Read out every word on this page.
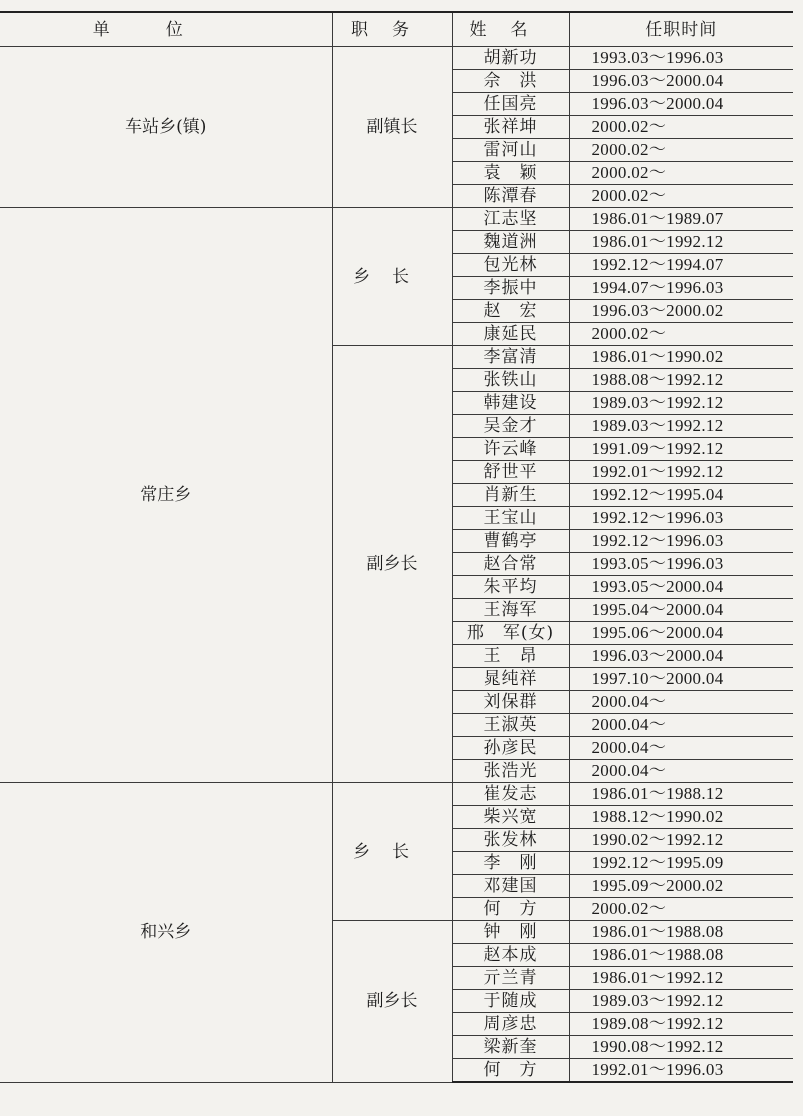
单位	职务	姓名	任职时间
车站乡(镇)	副镇长	胡新功	1993.03～1996.03
		佘　洪	1996.03～2000.04
		任国亮	1996.03～2000.04
		张祥坤	2000.02～
		雷河山	2000.02～
		袁　颖	2000.02～
		陈潭春	2000.02～
常庄乡	乡长	江志坚	1986.01～1989.07
		魏道洲	1986.01～1992.12
		包光林	1992.12～1994.07
		李振中	1994.07～1996.03
		赵　宏	1996.03～2000.02
		康延民	2000.02～
	副乡长	李富清	1986.01～1990.02
		张铁山	1988.08～1992.12
		韩建设	1989.03～1992.12
		吴金才	1989.03～1992.12
		许云峰	1991.09～1992.12
		舒世平	1992.01～1992.12
		肖新生	1992.12～1995.04
		王宝山	1992.12～1996.03
		曹鹤亭	1992.12～1996.03
		赵合常	1993.05～1996.03
		朱平均	1993.05～2000.04
		王海军	1995.04～2000.04
		邢　军(女)	1995.06～2000.04
		王　昂	1996.03～2000.04
		晁纯祥	1997.10～2000.04
		刘保群	2000.04～
		王淑英	2000.04～
		孙彦民	2000.04～
		张浩光	2000.04～
和兴乡	乡长	崔发志	1986.01～1988.12
		柴兴宽	1988.12～1990.02
		张发林	1990.02～1992.12
		李　刚	1992.12～1995.09
		邓建国	1995.09～2000.02
		何　方	2000.02～
	副乡长	钟　刚	1986.01～1988.08
		赵本成	1986.01～1988.08
		亓兰青	1986.01～1992.12
		于随成	1989.03～1992.12
		周彦忠	1989.08～1992.12
		梁新奎	1990.08～1992.12
		何　方	1992.01～1996.03
